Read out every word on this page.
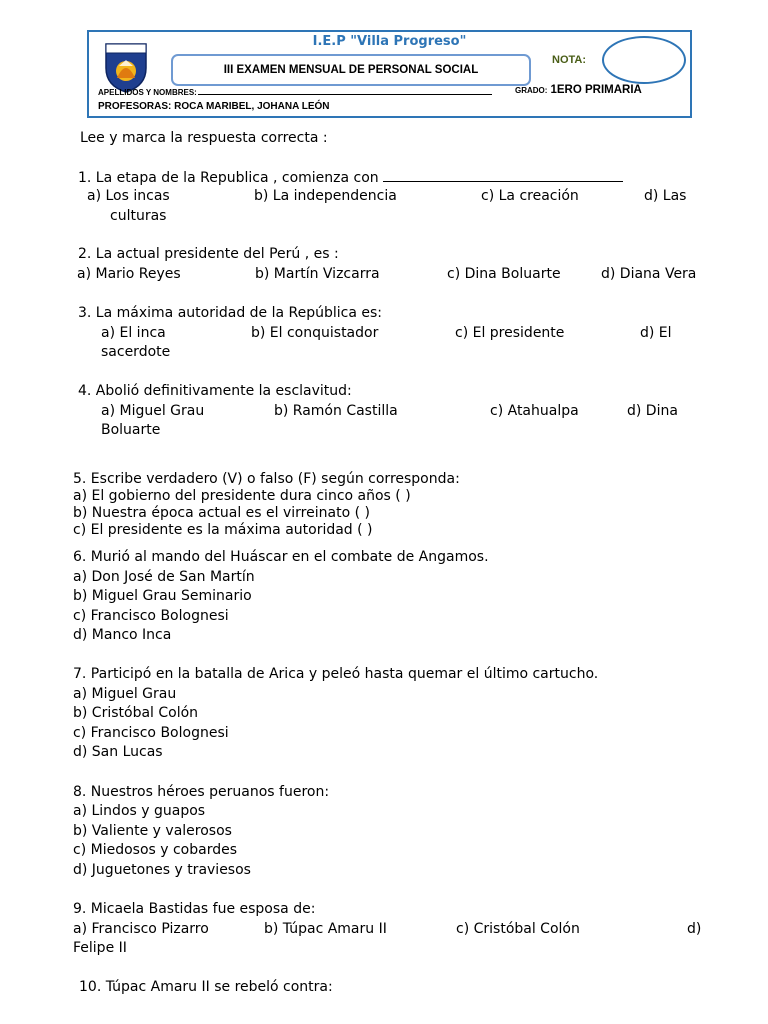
I.E.P "Villa Progreso"
III EXAMEN MENSUAL DE PERSONAL SOCIAL
NOTA:
APELLIDOS Y NOMBRES:	GRADO: 1ERO PRIMARIA
PROFESORAS: ROCA MARIBEL, JOHANA LEÓN
Lee y marca la respuesta correcta :
1. La etapa de la Republica , comienza con
a) Los incas	b) La independencia	c) La creación	d) Las
culturas
2. La actual presidente del Perú , es :
a) Mario Reyes	b) Martín Vizcarra	c) Dina Boluarte	d) Diana Vera
3. La máxima autoridad de la República es:
a) El inca	b) El conquistador	c) El presidente	d) El
sacerdote
4. Abolió definitivamente la esclavitud:
a) Miguel Grau	b) Ramón Castilla	c) Atahualpa	d) Dina
Boluarte
5. Escribe verdadero (V) o falso (F) según corresponda:
a) El gobierno del presidente dura cinco años ( )
b) Nuestra época actual es el virreinato ( )
c) El presidente es la máxima autoridad ( )
6. Murió al mando del Huáscar en el combate de Angamos.
a) Don José de San Martín
b) Miguel Grau Seminario
c) Francisco Bolognesi
d) Manco Inca
7. Participó en la batalla de Arica y peleó hasta quemar el último cartucho.
a) Miguel Grau
b) Cristóbal Colón
c) Francisco Bolognesi
d) San Lucas
8. Nuestros héroes peruanos fueron:
a) Lindos y guapos
b) Valiente y valerosos
c) Miedosos y cobardes
d) Juguetones y traviesos
9. Micaela Bastidas fue esposa de:
a) Francisco Pizarro	b) Túpac Amaru II	c) Cristóbal Colón	d)
Felipe II
10. Túpac Amaru II se rebeló contra:
